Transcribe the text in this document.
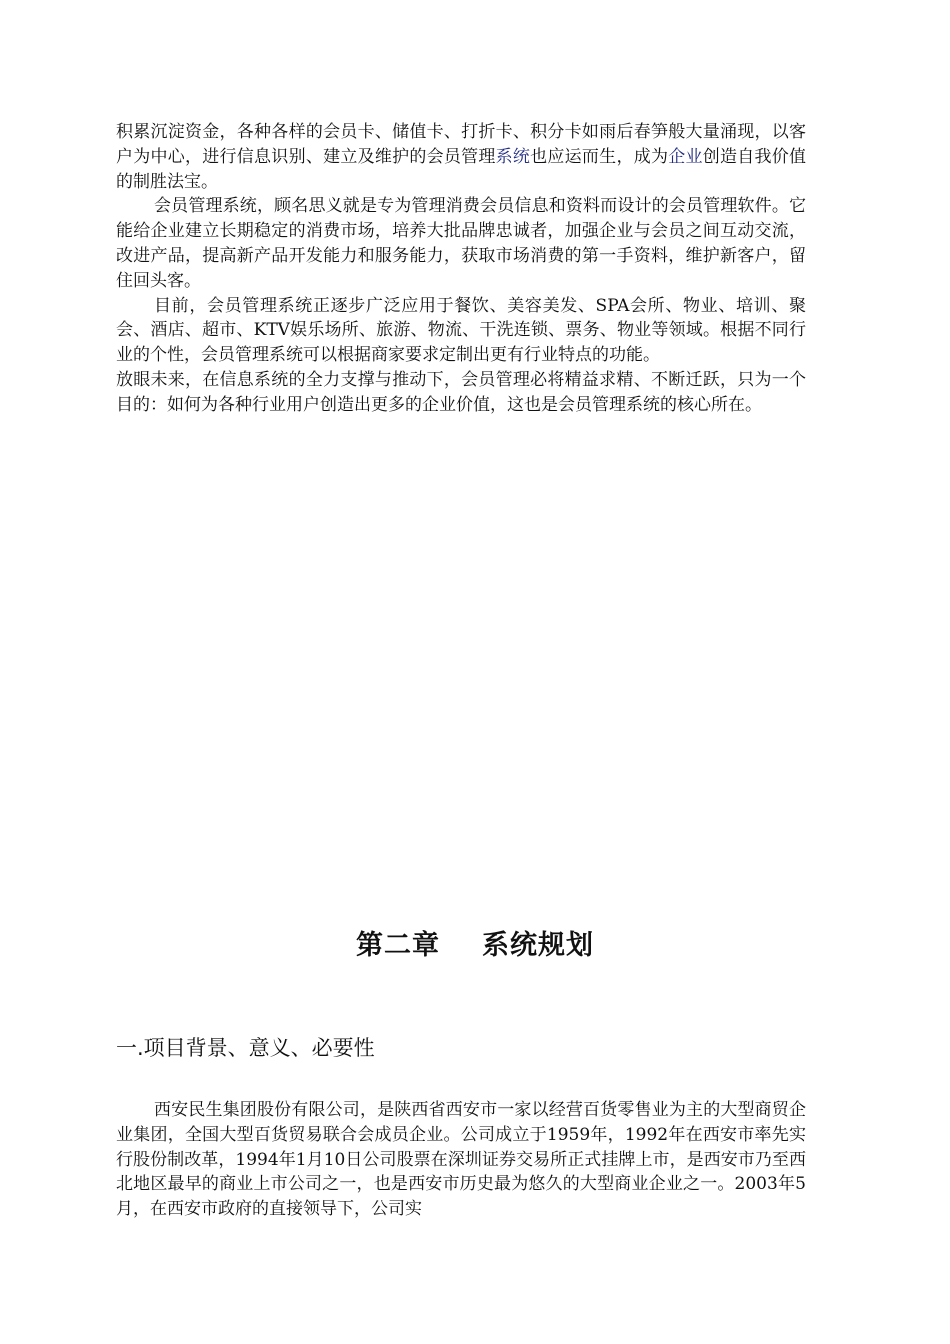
积累沉淀资金，各种各样的会员卡、储值卡、打折卡、积分卡如雨后春笋般大量涌现，以客户为中心，进行信息识别、建立及维护的会员管理系统也应运而生，成为企业创造自我价值的制胜法宝。

会员管理系统，顾名思义就是专为管理消费会员信息和资料而设计的会员管理软件。它能给企业建立长期稳定的消费市场，培养大批品牌忠诚者，加强企业与会员之间互动交流，改进产品，提高新产品开发能力和服务能力，获取市场消费的第一手资料，维护新客户，留住回头客。

目前，会员管理系统正逐步广泛应用于餐饮、美容美发、SPA会所、物业、培训、聚会、酒店、超市、KTV娱乐场所、旅游、物流、干洗连锁、票务、物业等领域。根据不同行业的个性，会员管理系统可以根据商家要求定制出更有行业特点的功能。

放眼未来，在信息系统的全力支撑与推动下，会员管理必将精益求精、不断迁跃，只为一个目的：如何为各种行业用户创造出更多的企业价值，这也是会员管理系统的核心所在。

第二章 系统规划
一.项目背景、意义、必要性

西安民生集团股份有限公司，是陕西省西安市一家以经营百货零售业为主的大型商贸企业集团，全国大型百货贸易联合会成员企业。公司成立于1959年，1992年在西安市率先实行股份制改革，1994年1月10日公司股票在深圳证券交易所正式挂牌上市，是西安市乃至西北地区最早的商业上市公司之一，也是西安市历史最为悠久的大型商业企业之一。2003年5月，在西安市政府的直接领导下，公司实
